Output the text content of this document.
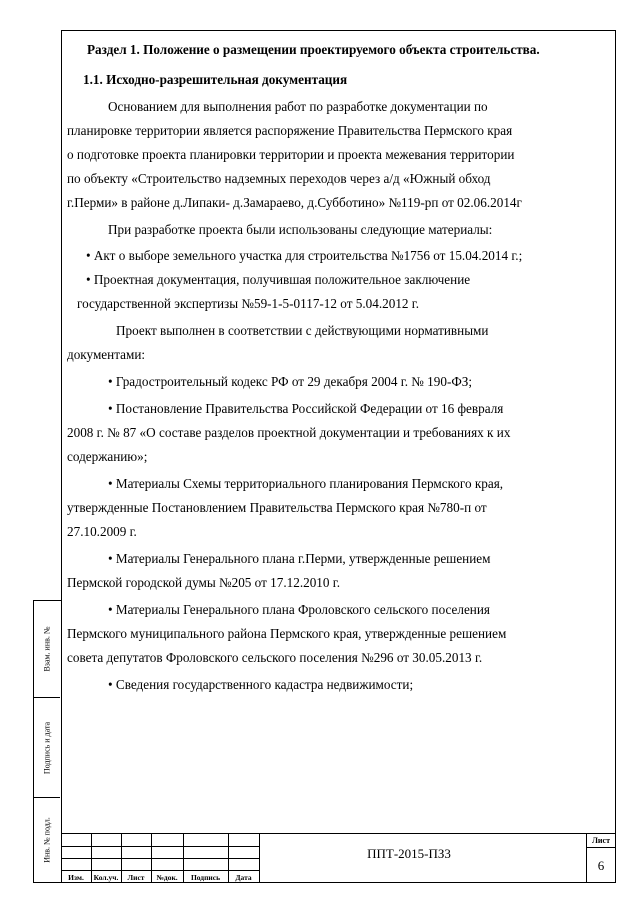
Взам. инв. №
Подпись и дата
Инв. № подл.
Раздел 1. Положение о размещении проектируемого объекта строительства.
1.1. Исходно-разрешительная документация
Основанием для выполнения работ по разработке документации по
планировке территории является распоряжение Правительства Пермского края
о подготовке проекта планировки территории и проекта межевания территории
по объекту «Строительство надземных переходов через а/д «Южный обход
г.Перми» в районе д.Липаки- д.Замараево, д.Субботино» №119-рп от 02.06.2014г
При разработке проекта были использованы следующие материалы:
• Акт о выборе земельного участка для строительства №1756 от 15.04.2014 г.;
• Проектная документация, получившая положительное заключение
государственной экспертизы №59-1-5-0117-12 от 5.04.2012 г.
Проект выполнен в соответствии с действующими нормативными
документами:
• Градостроительный кодекс РФ от 29 декабря 2004 г. № 190-ФЗ;
• Постановление Правительства Российской Федерации от 16 февраля
2008 г. № 87 «О составе разделов проектной документации и требованиях к их
содержанию»;
• Материалы Схемы территориального планирования Пермского края,
утвержденные Постановлением Правительства Пермского края №780-п от
27.10.2009 г.
• Материалы Генерального плана г.Перми, утвержденные решением
Пермской городской думы №205 от 17.12.2010 г.
• Материалы Генерального плана Фроловского сельского поселения
Пермского муниципального района Пермского края, утвержденные решением
совета депутатов Фроловского сельского поселения №296 от 30.05.2013 г.
• Сведения государственного кадастра недвижимости;
Изм.	Кол.уч.	Лист	№док.	Подпись	Дата
ППТ-2015-ПЗ3
Лист
6
